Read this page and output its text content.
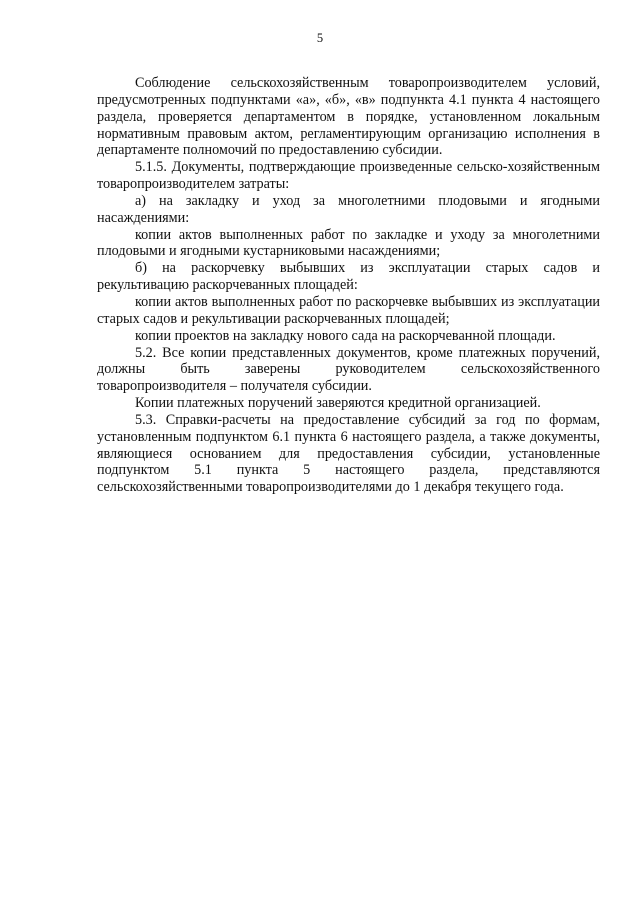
5

Соблюдение сельскохозяйственным товаропроизводителем условий, предусмотренных подпунктами «а», «б», «в» подпункта 4.1 пункта 4 настоящего раздела, проверяется департаментом в порядке, установленном локальным нормативным правовым актом, регламентирующим организацию исполнения в департаменте полномочий по предоставлению субсидии.

5.1.5. Документы, подтверждающие произведенные сельско-хозяйственным товаропроизводителем затраты:

а) на закладку и уход за многолетними плодовыми и ягодными насаждениями:

копии актов выполненных работ по закладке и уходу за многолетними плодовыми и ягодными кустарниковыми насаждениями;

б) на раскорчевку выбывших из эксплуатации старых садов и рекультивацию раскорчеванных площадей:

копии актов выполненных работ по раскорчевке выбывших из эксплуатации старых садов и рекультивации раскорчеванных площадей;

копии проектов на закладку нового сада на раскорчеванной площади.

5.2. Все копии представленных документов, кроме платежных поручений, должны быть заверены руководителем сельскохозяйственного товаропроизводителя – получателя субсидии.

Копии платежных поручений заверяются кредитной организацией.

5.3. Справки-расчеты на предоставление субсидий за год по формам, установленным подпунктом 6.1 пункта 6 настоящего раздела, а также документы, являющиеся основанием для предоставления субсидии, установленные подпунктом 5.1 пункта 5 настоящего раздела, представляются сельскохозяйственными товаропроизводителями до 1 декабря текущего года.
